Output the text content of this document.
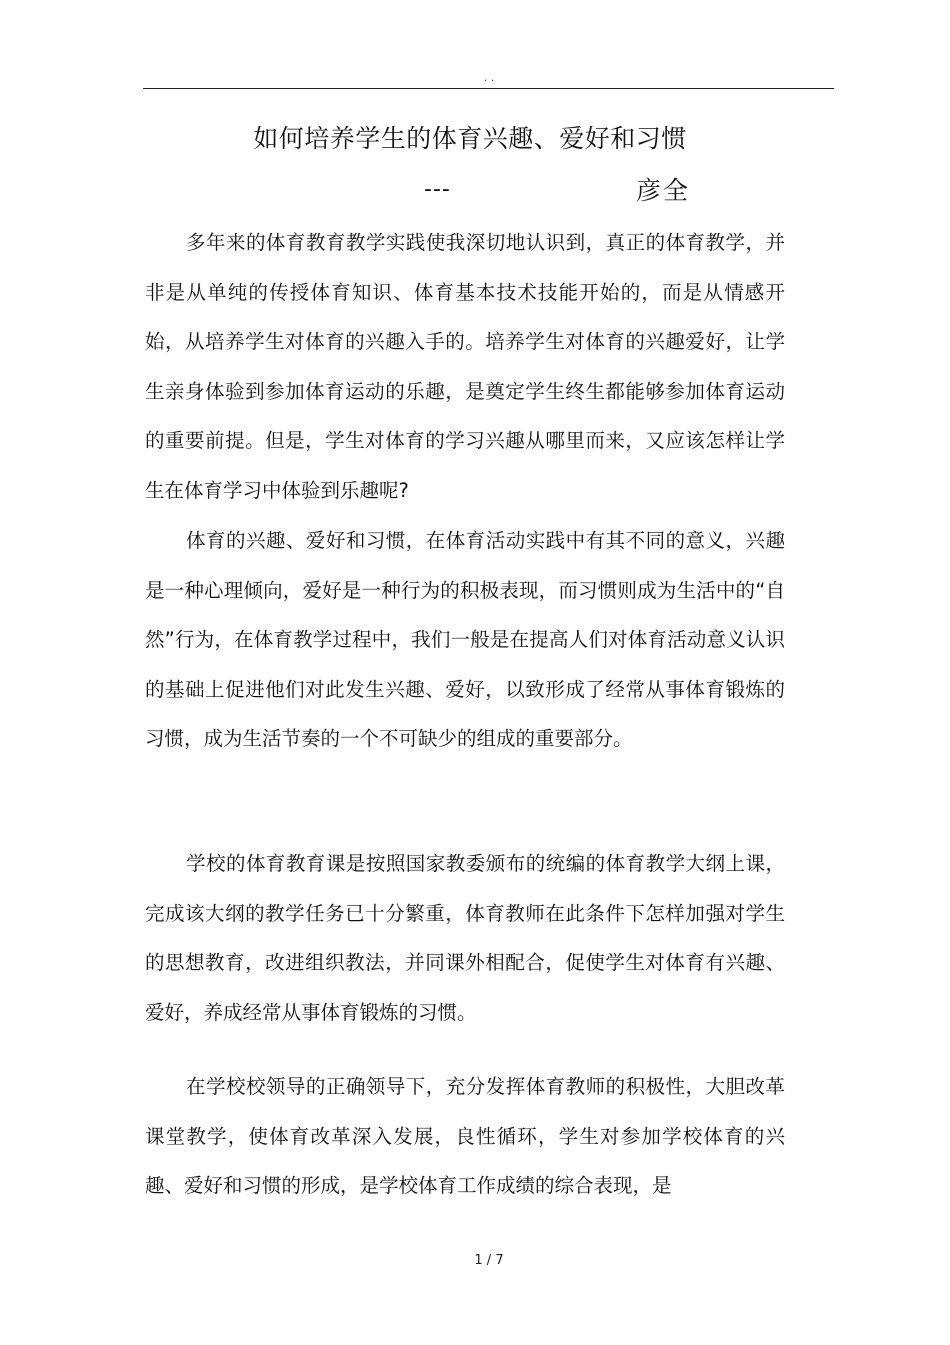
. .
如何培养学生的体育兴趣、爱好和习惯
---	彦全

多年来的体育教育教学实践使我深切地认识到，真正的体育教学，并非是从单纯的传授体育知识、体育基本技术技能开始的，而是从情感开始，从培养学生对体育的兴趣入手的。培养学生对体育的兴趣爱好，让学生亲身体验到参加体育运动的乐趣，是奠定学生终生都能够参加体育运动的重要前提。但是，学生对体育的学习兴趣从哪里而来，又应该怎样让学生在体育学习中体验到乐趣呢?

体育的兴趣、爱好和习惯，在体育活动实践中有其不同的意义，兴趣是一种心理倾向，爱好是一种行为的积极表现，而习惯则成为生活中的“自然”行为，在体育教学过程中，我们一般是在提高人们对体育活动意义认识的基础上促进他们对此发生兴趣、爱好，以致形成了经常从事体育锻炼的习惯，成为生活节奏的一个不可缺少的组成的重要部分。

学校的体育教育课是按照国家教委颁布的统编的体育教学大纲上课，完成该大纲的教学任务已十分繁重，体育教师在此条件下怎样加强对学生的思想教育，改进组织教法，并同课外相配合，促使学生对体育有兴趣、爱好，养成经常从事体育锻炼的习惯。

在学校校领导的正确领导下，充分发挥体育教师的积极性，大胆改革课堂教学，使体育改革深入发展，良性循环，学生对参加学校体育的兴趣、爱好和习惯的形成，是学校体育工作成绩的综合表现，是

1 / 7
